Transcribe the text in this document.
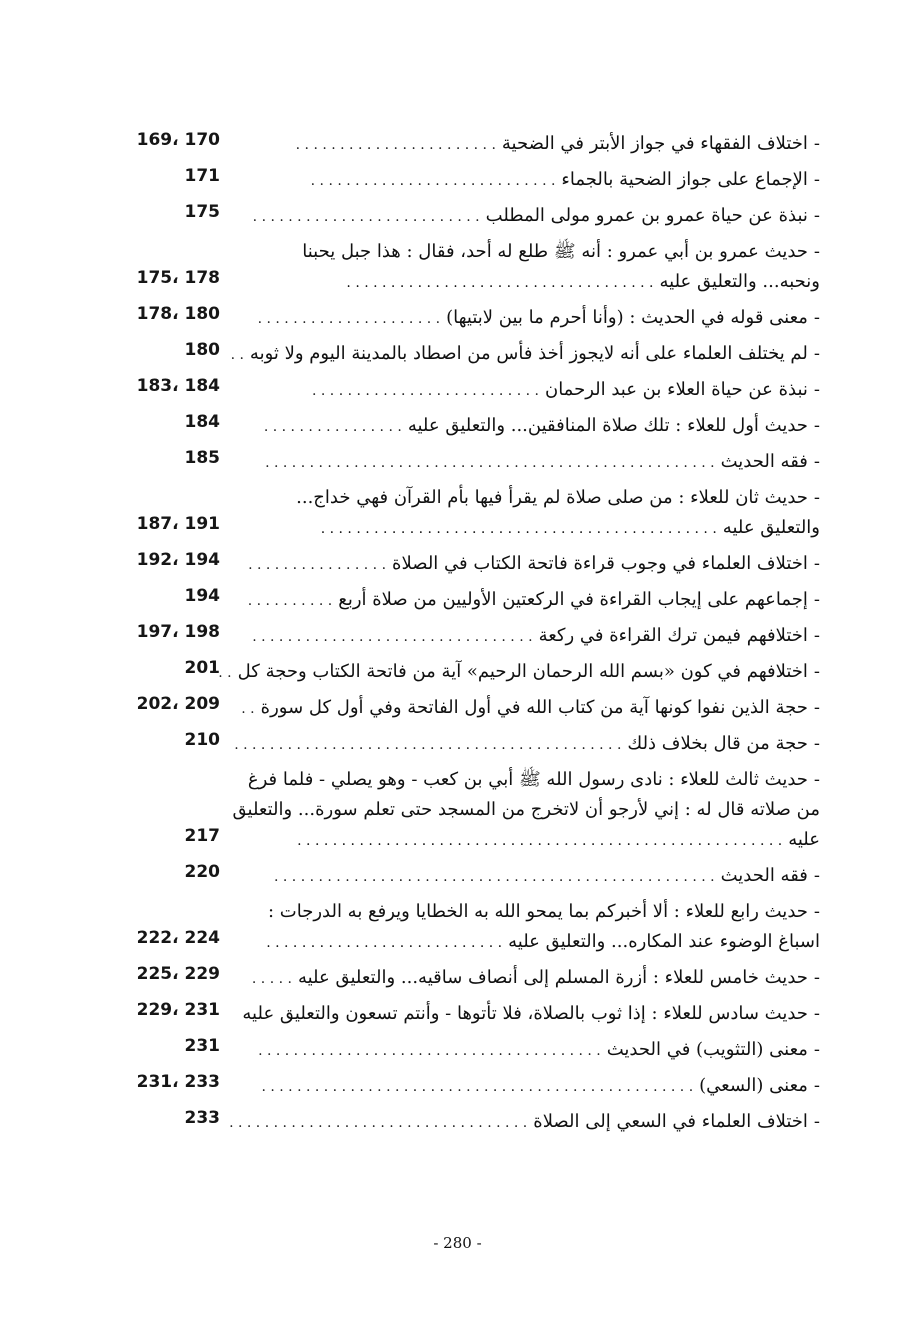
169، 170	-اختلاف الفقهاء في جواز الأبتر في الضحية. . . . . . . . . . . . . . . . . . . . . . .
171	-الإجماع على جواز الضحية بالجماء. . . . . . . . . . . . . . . . . . . . . . . . . . . .
175	-نبذة عن حياة عمرو بن عمرو مولى المطلب. . . . . . . . . . . . . . . . . . . . . . . . . .
-حديث عمرو بن أبي عمرو : أنه ﷺ طلع له أحد، فقال : هذا جبل يحبنا
175، 178	ونحبه... والتعليق عليه. . . . . . . . . . . . . . . . . . . . . . . . . . . . . . . . . . .
178، 180	-معنى قوله في الحديث : (وأنا أحرم ما بين لابتيها). . . . . . . . . . . . . . . . . . . . .
180	-لم يختلف العلماء على أنه لايجوز أخذ فأس من اصطاد بالمدينة اليوم ولا ثوبه. .
183، 184	-نبذة عن حياة العلاء بن عبد الرحمان. . . . . . . . . . . . . . . . . . . . . . . . . .
184	-حديث أول للعلاء : تلك صلاة المنافقين... والتعليق عليه. . . . . . . . . . . . . . . .
185	-فقه الحديث. . . . . . . . . . . . . . . . . . . . . . . . . . . . . . . . . . . . . . . . . . . . . . . . . . .
-حديث ثان للعلاء : من صلى صلاة لم يقرأ فيها بأم القرآن فهي خداج...
187، 191	والتعليق عليه. . . . . . . . . . . . . . . . . . . . . . . . . . . . . . . . . . . . . . . . . . . . .
192، 194	-اختلاف العلماء في وجوب قراءة فاتحة الكتاب في الصلاة. . . . . . . . . . . . . . . .
194	-إجماعهم على إيجاب القراءة في الركعتين الأوليين من صلاة أربع. . . . . . . . . .
197، 198	-اختلافهم فيمن ترك القراءة في ركعة. . . . . . . . . . . . . . . . . . . . . . . . . . . . . . . .
201	-اختلافهم في كون «بسم الله الرحمان الرحيم» آية من فاتحة الكتاب وحجة كل. .
202، 209	-حجة الذين نفوا كونها آية من كتاب الله في أول الفاتحة وفي أول كل سورة. .
210	-حجة من قال بخلاف ذلك. . . . . . . . . . . . . . . . . . . . . . . . . . . . . . . . . . . . . . . . . . . .
-حديث ثالث للعلاء : نادى رسول الله ﷺ أبي بن كعب - وهو يصلي - فلما فرغ
من صلاته قال له : إني لأرجو أن لاتخرج من المسجد حتى تعلم سورة... والتعليق
217	عليه. . . . . . . . . . . . . . . . . . . . . . . . . . . . . . . . . . . . . . . . . . . . . . . . . . . . . . .
220	-فقه الحديث. . . . . . . . . . . . . . . . . . . . . . . . . . . . . . . . . . . . . . . . . . . . . . . . . .
-حديث رابع للعلاء : ألا أخبركم بما يمحو الله به الخطايا ويرفع به الدرجات :
222، 224	اسباغ الوضوء عند المكاره... والتعليق عليه. . . . . . . . . . . . . . . . . . . . . . . . . . .
225، 229	-حديث خامس للعلاء : أزرة المسلم إلى أنصاف ساقيه... والتعليق عليه. . . . .
229، 231	-حديث سادس للعلاء : إذا ثوب بالصلاة، فلا تأتوها - وأنتم تسعون والتعليق عليه
231	-معنى (التثويب) في الحديث. . . . . . . . . . . . . . . . . . . . . . . . . . . . . . . . . . . . . . .
231، 233	-معنى (السعي). . . . . . . . . . . . . . . . . . . . . . . . . . . . . . . . . . . . . . . . . . . . . . . . .
233	-اختلاف العلماء في السعي إلى الصلاة. . . . . . . . . . . . . . . . . . . . . . . . . . . . . . . . . .
- 280 -
